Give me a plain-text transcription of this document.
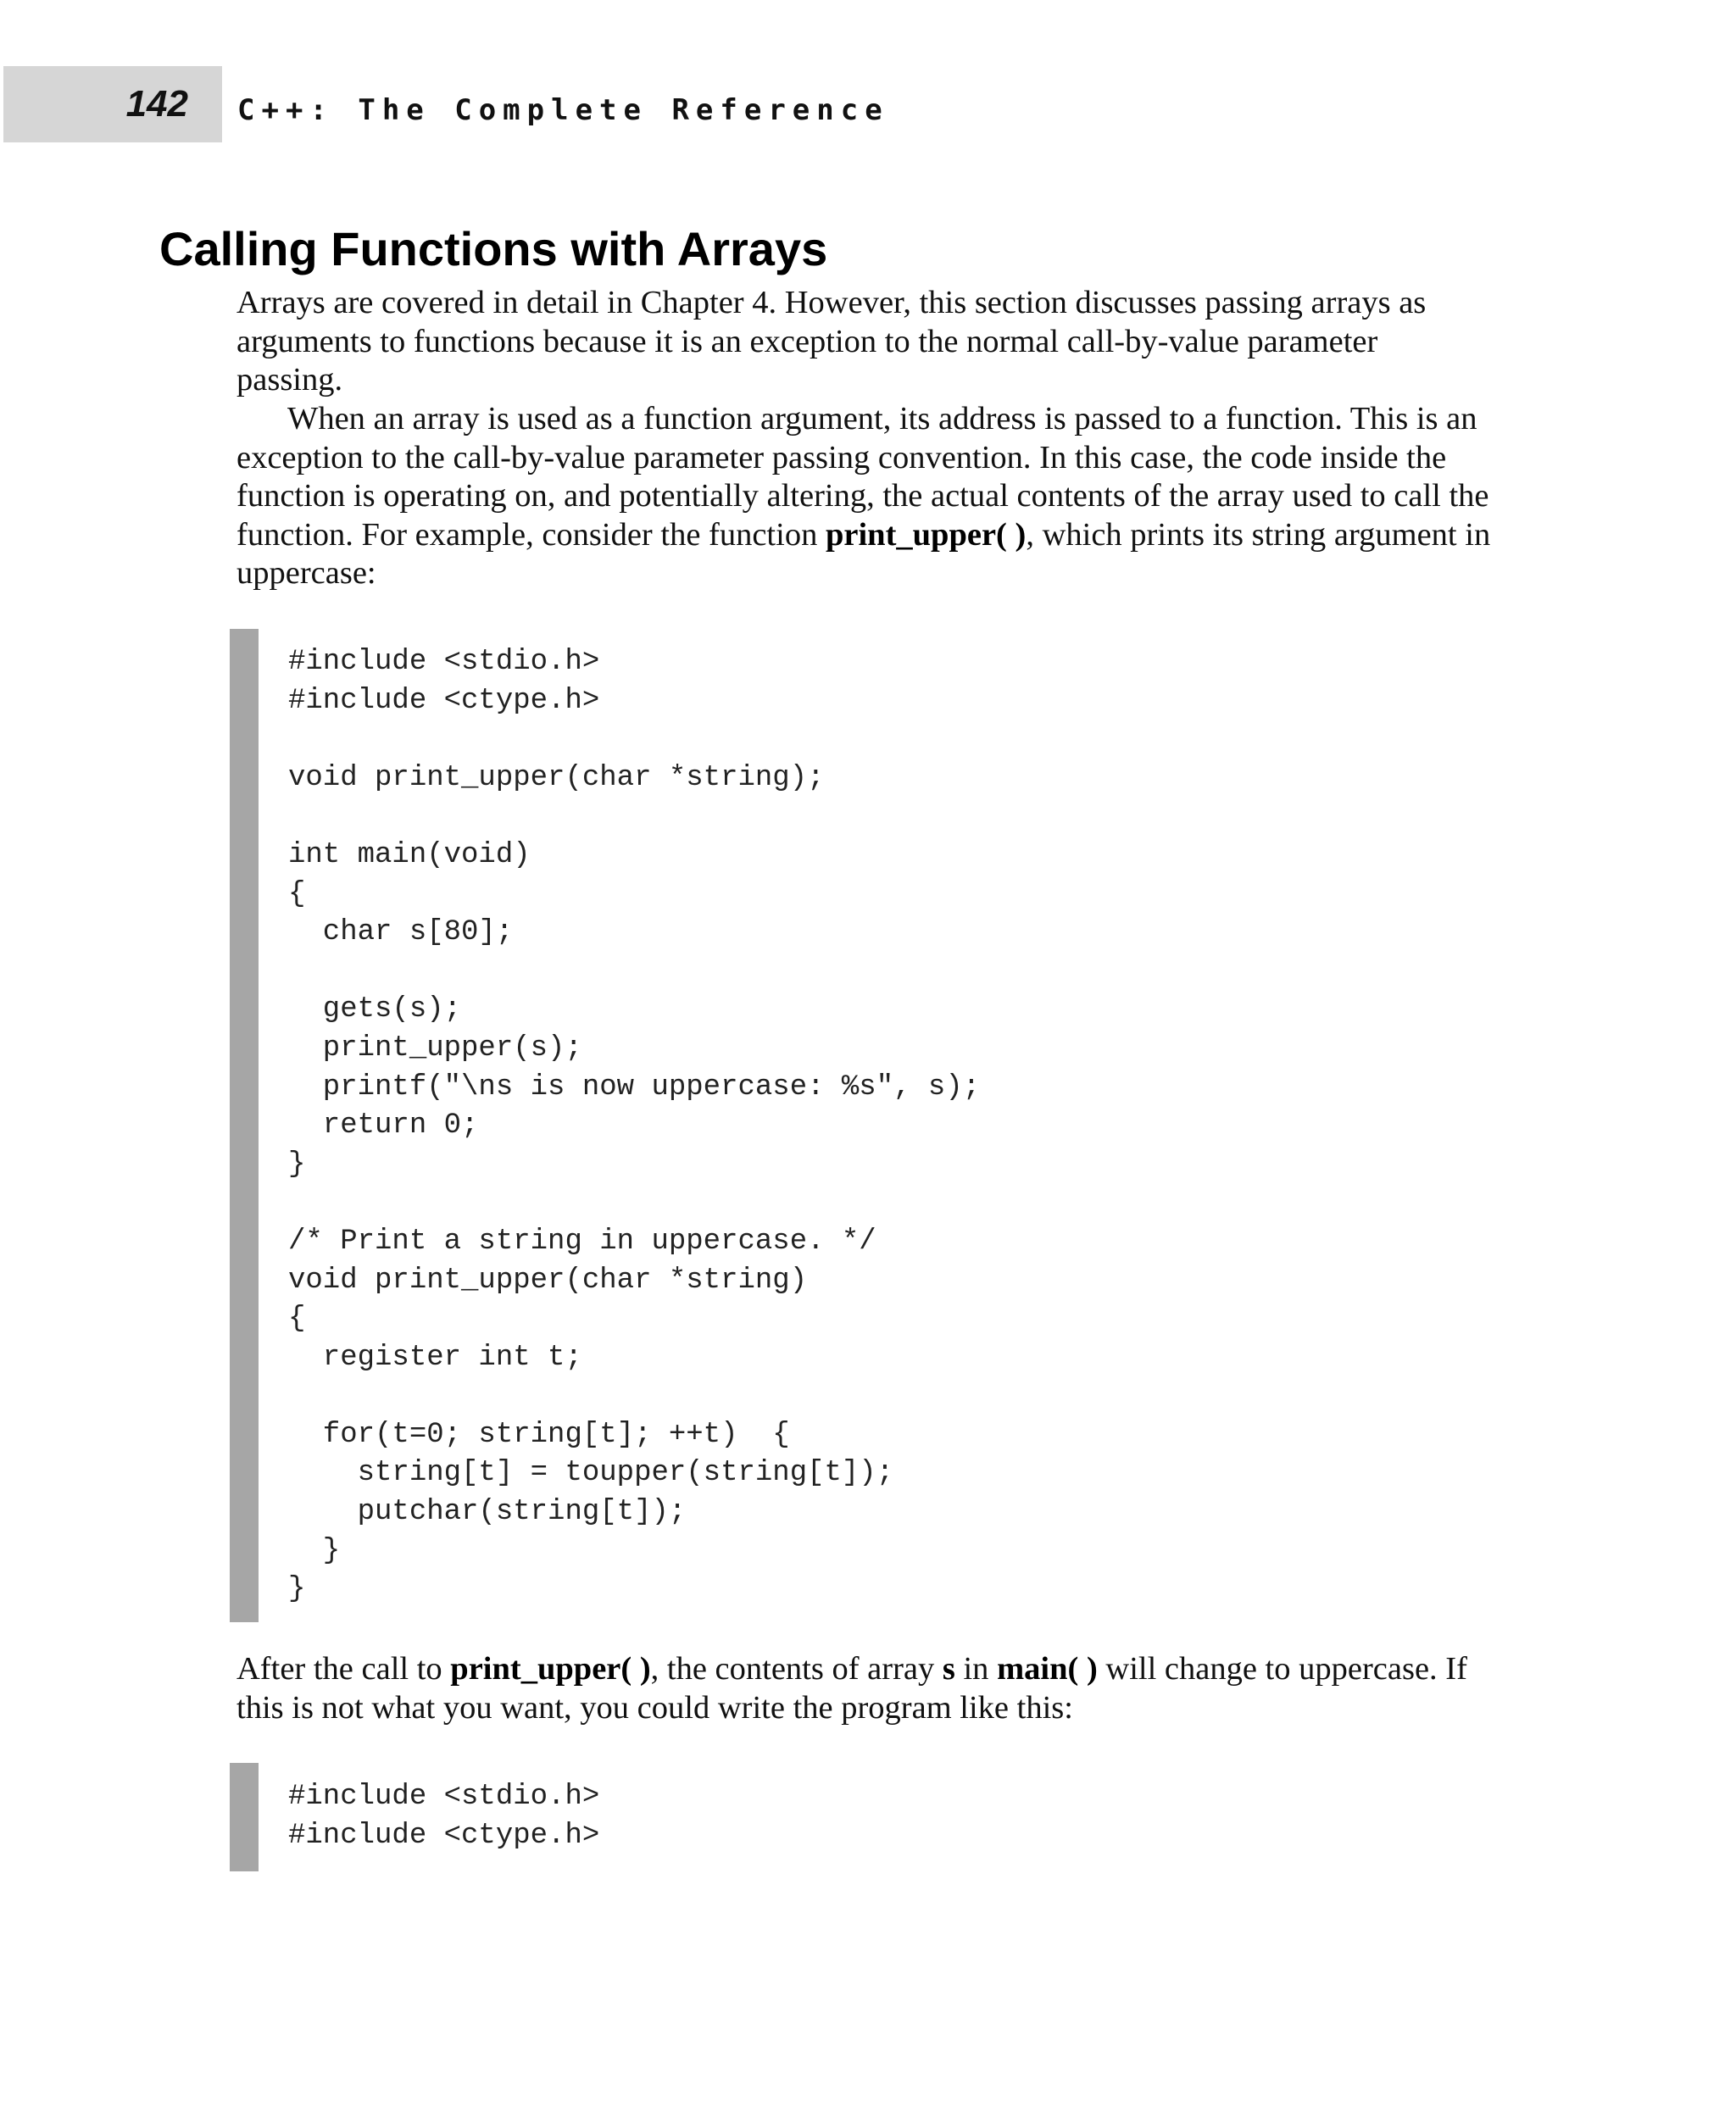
142 C++: The Complete Reference
Calling Functions with Arrays

Arrays are covered in detail in Chapter 4. However, this section discusses passing arrays as arguments to functions because it is an exception to the normal call-by-value parameter passing.

When an array is used as a function argument, its address is passed to a function. This is an exception to the call-by-value parameter passing convention. In this case, the code inside the function is operating on, and potentially altering, the actual contents of the array used to call the function. For example, consider the function print_upper( ), which prints its string argument in uppercase:

#include <stdio.h>
#include <ctype.h>

void print_upper(char *string);

int main(void)
{
char s[80];

gets(s);
print_upper(s);
printf("\ns is now uppercase: %s", s);
return 0;
}

/* Print a string in uppercase. */
void print_upper(char *string)
{
register int t;

for(t=0; string[t]; ++t)  {
string[t] = toupper(string[t]);
putchar(string[t]);
}
}

After the call to print_upper( ), the contents of array s in main( ) will change to uppercase. If this is not what you want, you could write the program like this:

#include <stdio.h>
#include <ctype.h>
